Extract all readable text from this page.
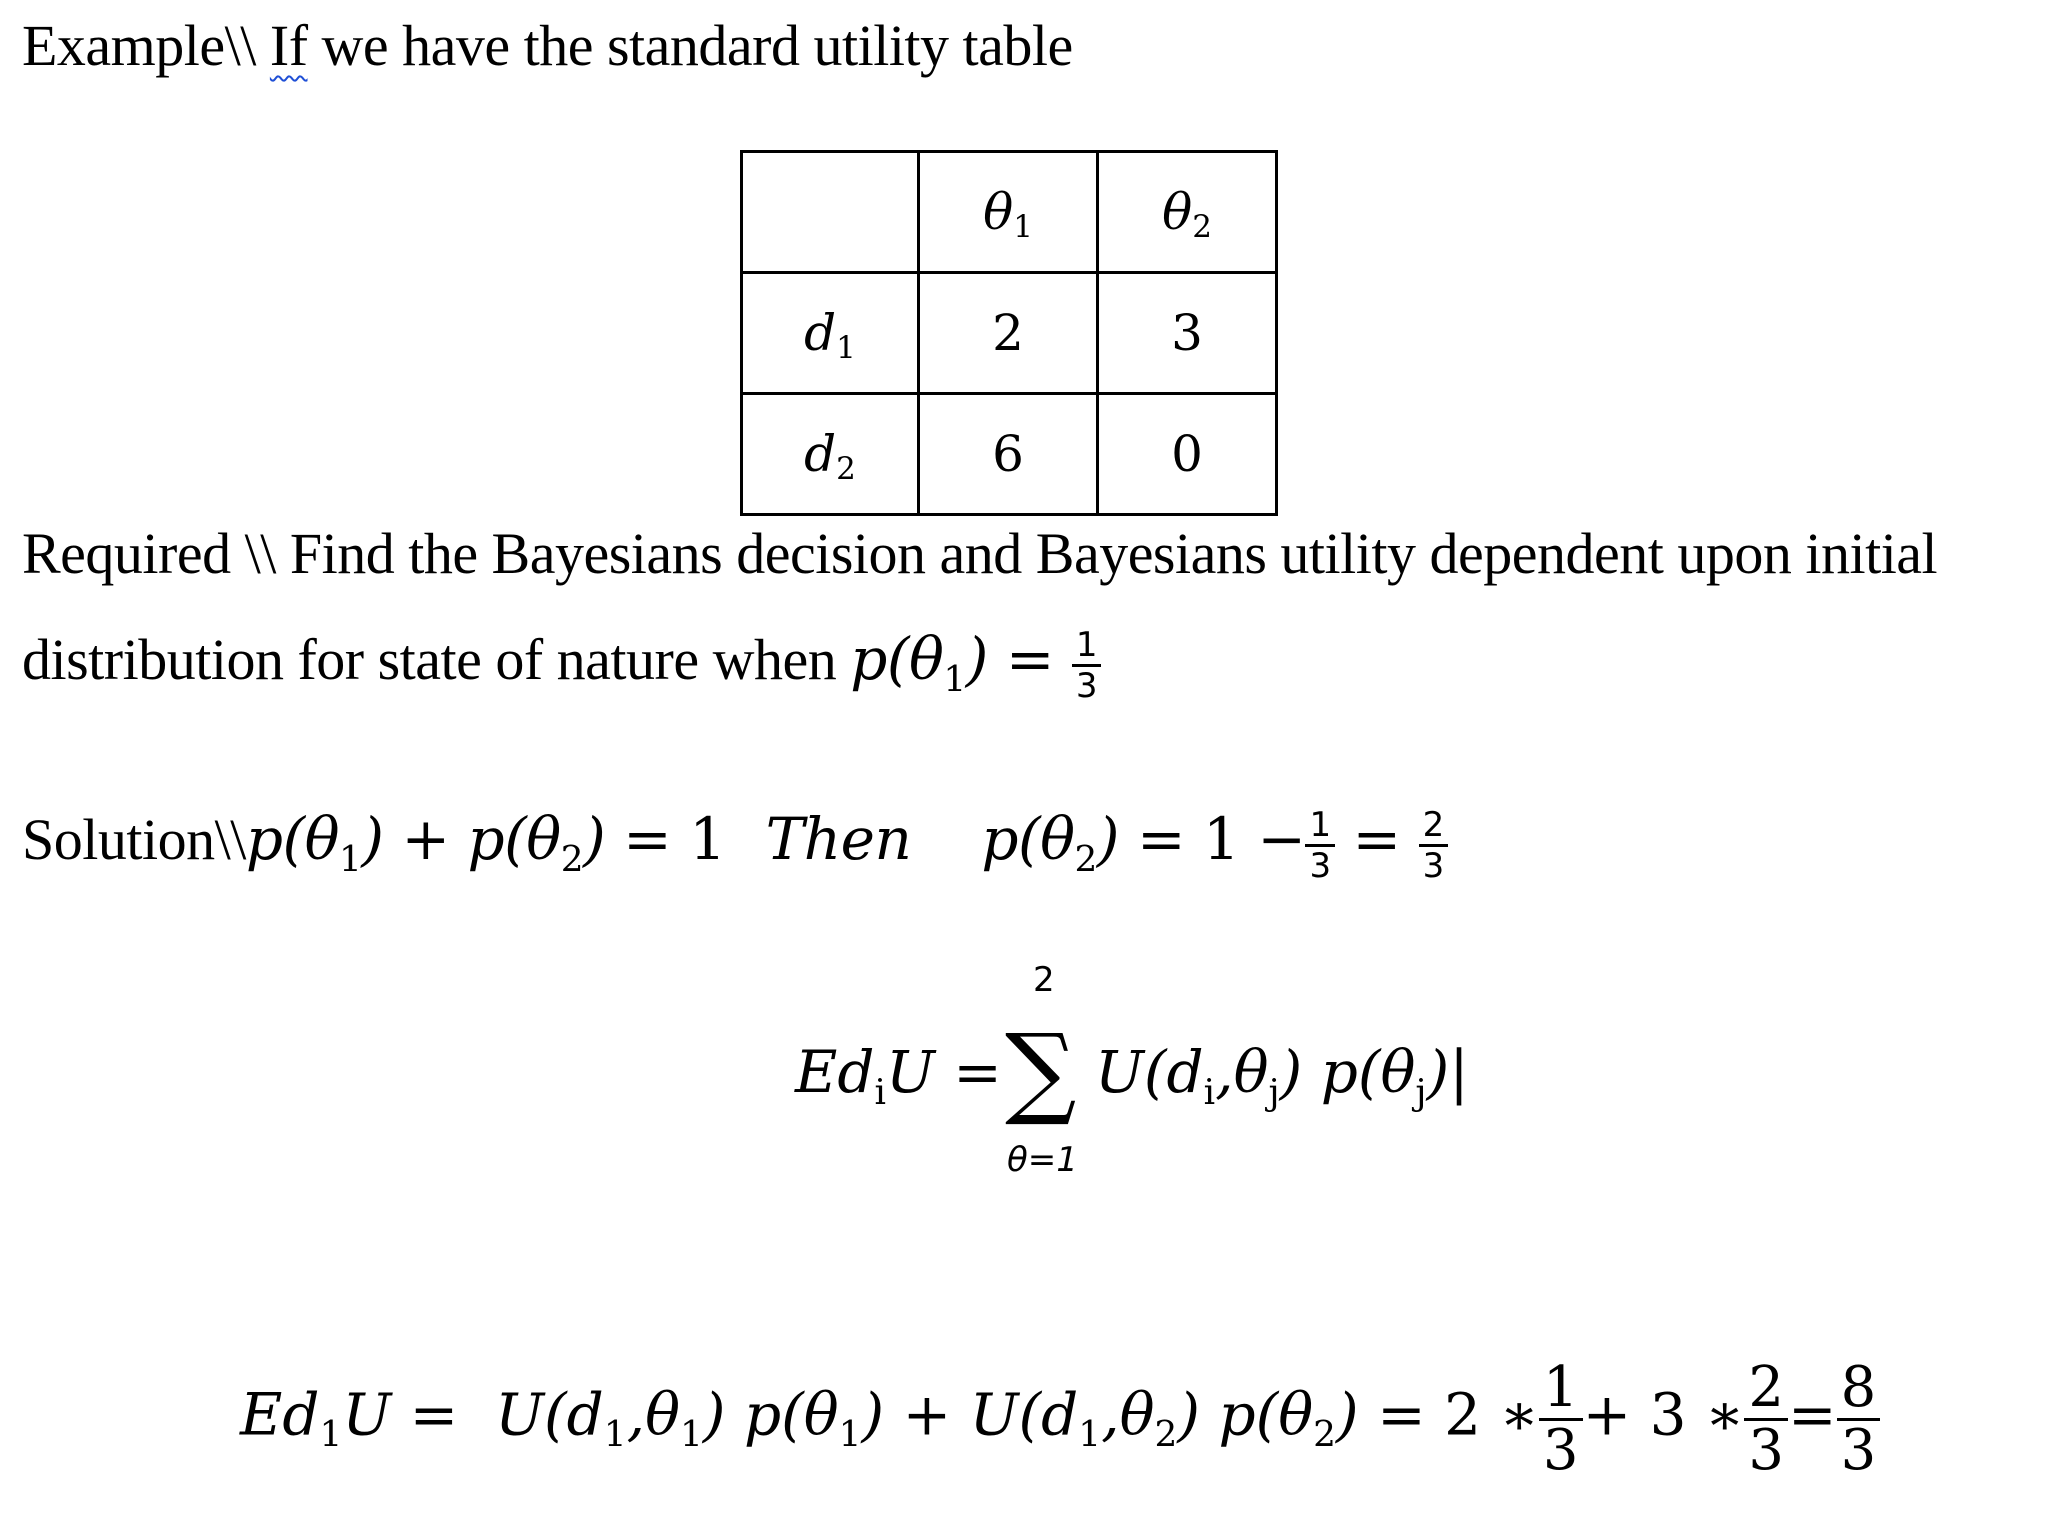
Example\\ If we have the standard utility table
	θ1	θ2
d1	2	3
d2	6	0
Required \\ Find the Bayesians decision and Bayesians utility dependent upon initial
distribution for state of nature when $p(\theta 1) = \frac{1}{3}$
Solution\\p(θ1) + p(θ2) = 1 Then $p(\theta 2) = 1 - \frac{1}{3} = \frac{2}{3}$
EdiU =
2
∑
θ=1
U(di,θj) p(θj)|
Ed1U =  U(d1,θ1) p(θ1) + U(d1,θ2) p(θ2) = 2 ∗ $\frac{1}{3} + 3$ ∗ $\frac{2}{3} = \frac{8}{3}$
